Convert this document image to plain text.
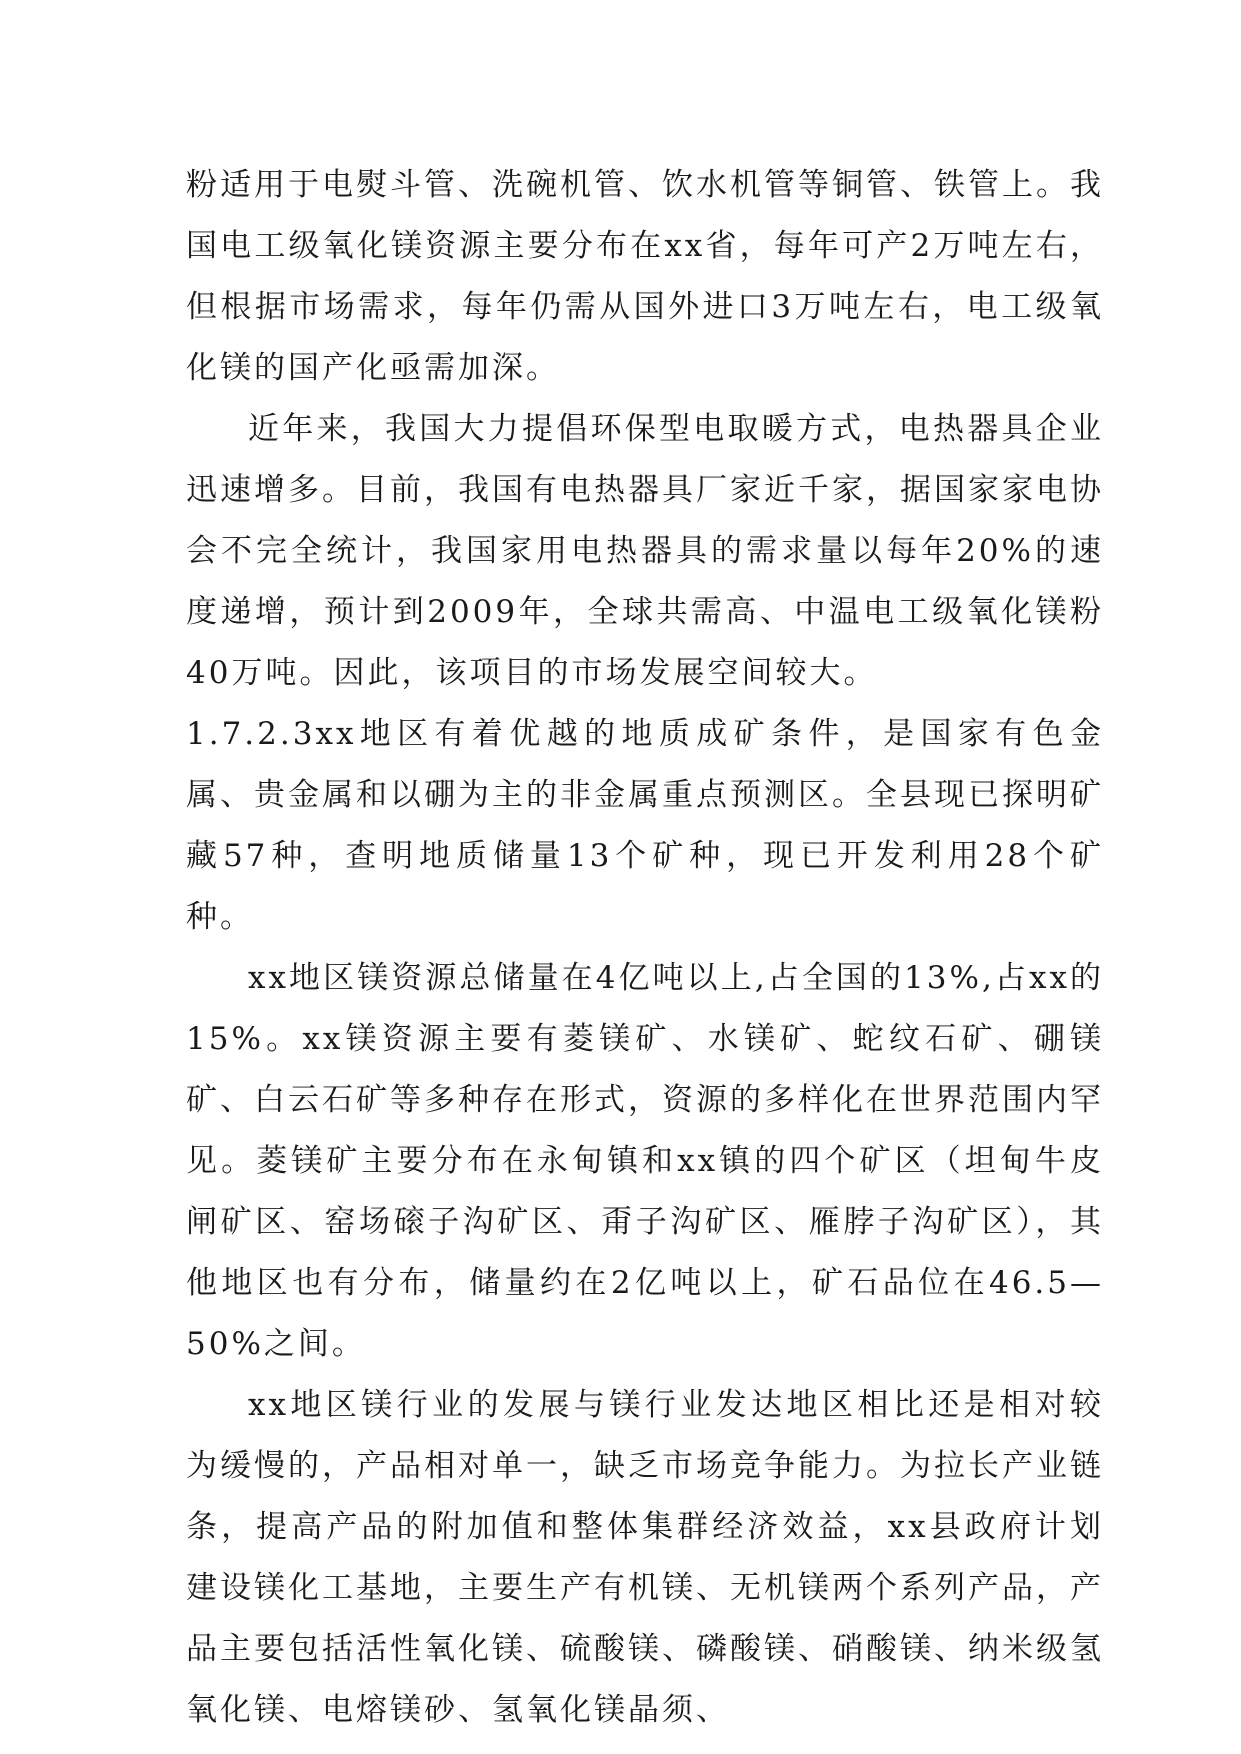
粉适用于电熨斗管、洗碗机管、饮水机管等铜管、铁管上。我国电工级氧化镁资源主要分布在xx省，每年可产2万吨左右，但根据市场需求，每年仍需从国外进口3万吨左右，电工级氧化镁的国产化亟需加深。

近年来，我国大力提倡环保型电取暖方式，电热器具企业迅速增多。目前，我国有电热器具厂家近千家，据国家家电协会不完全统计，我国家用电热器具的需求量以每年20%的速度递增，预计到2009年，全球共需高、中温电工级氧化镁粉40万吨。因此，该项目的市场发展空间较大。

1.7.2.3xx地区有着优越的地质成矿条件，是国家有色金属、贵金属和以硼为主的非金属重点预测区。全县现已探明矿藏57种，查明地质储量13个矿种，现已开发利用28个矿种。

xx地区镁资源总储量在4亿吨以上,占全国的13%,占xx的15%。xx镁资源主要有菱镁矿、水镁矿、蛇纹石矿、硼镁矿、白云石矿等多种存在形式，资源的多样化在世界范围内罕见。菱镁矿主要分布在永甸镇和xx镇的四个矿区（坦甸牛皮闸矿区、窑场磙子沟矿区、甭子沟矿区、雁脖子沟矿区），其他地区也有分布，储量约在2亿吨以上，矿石品位在46.5—50%之间。

xx地区镁行业的发展与镁行业发达地区相比还是相对较为缓慢的，产品相对单一，缺乏市场竞争能力。为拉长产业链条，提高产品的附加值和整体集群经济效益，xx县政府计划建设镁化工基地，主要生产有机镁、无机镁两个系列产品，产品主要包括活性氧化镁、硫酸镁、磷酸镁、硝酸镁、纳米级氢氧化镁、电熔镁砂、氢氧化镁晶须、
